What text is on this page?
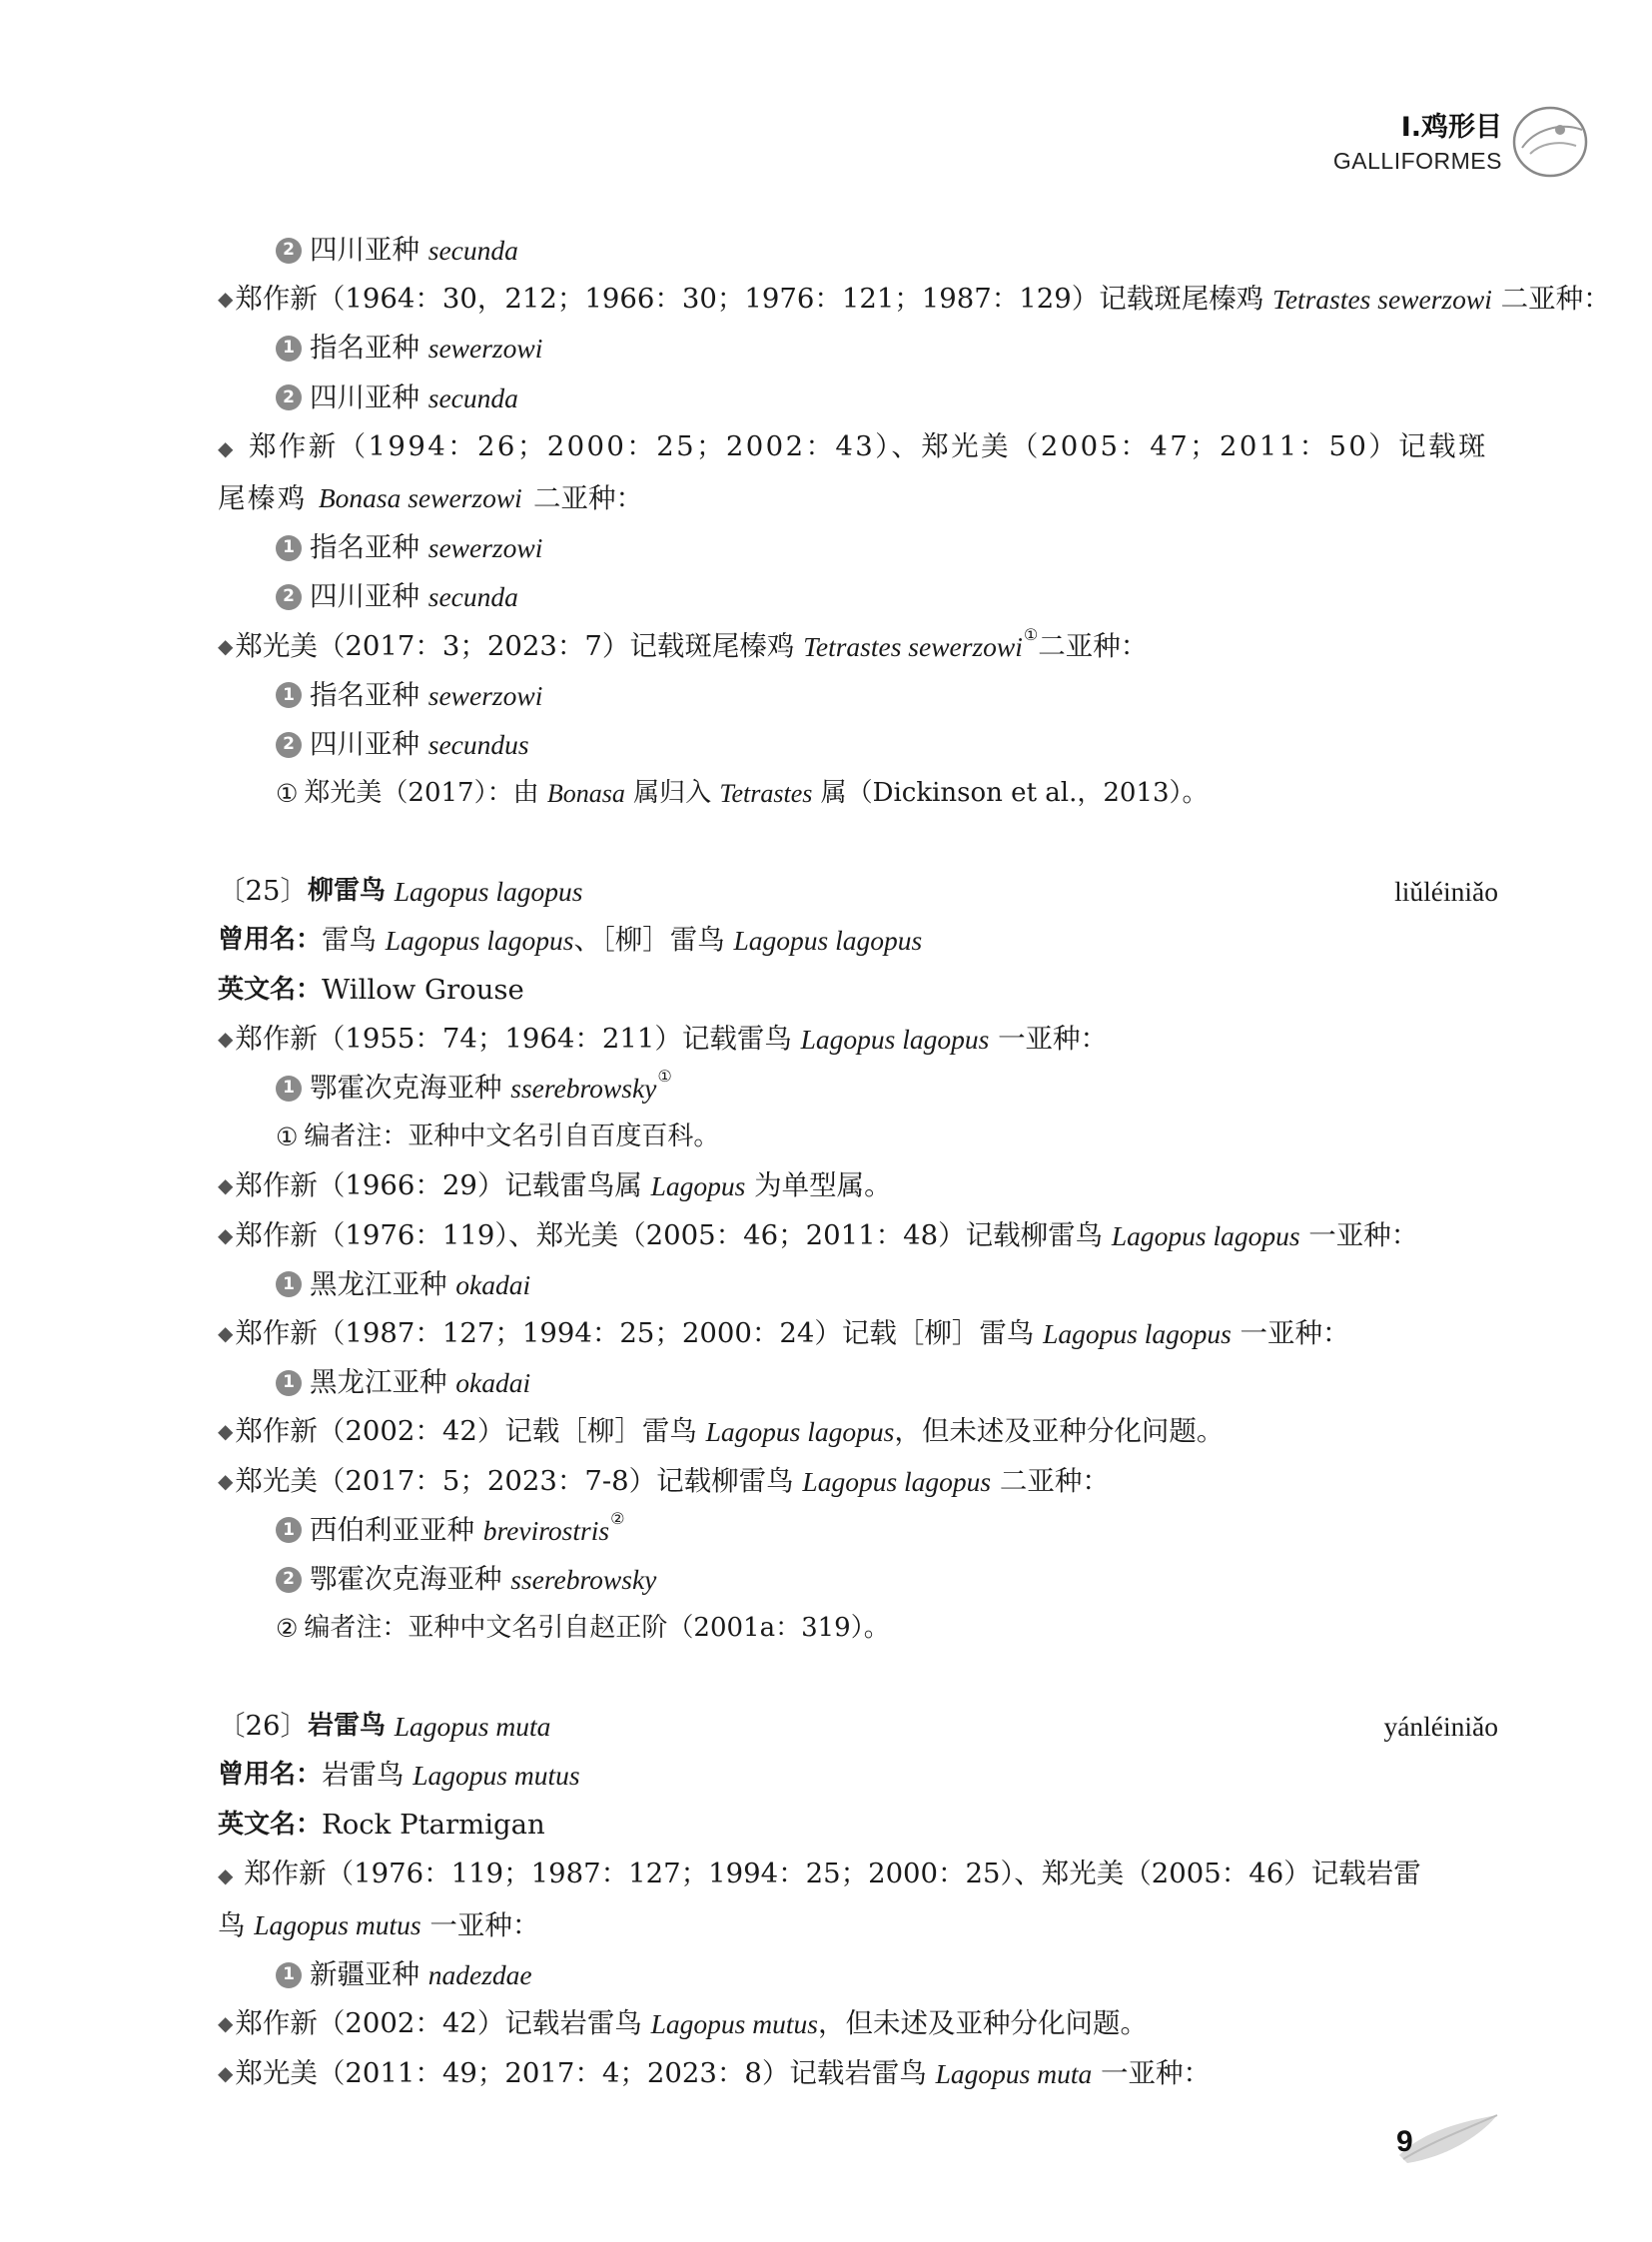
Ⅰ.鸡形目
GALLIFORMES
2 四川亚种
secunda
◆ 郑作新（1964：30，212；1966：30；1976：121；1987：129）记载斑尾榛鸡
Tetrastes sewerzowi
二亚种：
1 指名亚种
sewerzowi
2 四川亚种
secunda
◆ 郑作新（1994：26；2000：25；2002：43）、郑光美（2005：47；2011：50）记载斑尾榛鸡 Bonasa sewerzowi 二亚种：
1 指名亚种
sewerzowi
2 四川亚种
secunda
◆ 郑光美（2017：3；2023：7）记载斑尾榛鸡
Tetrastes sewerzowi ① 二亚种：
1 指名亚种
sewerzowi
2 四川亚种
secundus
① 郑光美（2017）：由
Bonasa
属归入
Tetrastes
属（Dickinson et al.，2013）。
〔25〕 柳雷鸟
Lagopus lagopus	liǔléiniǎo
曾用名： 雷鸟
Lagopus lagopus 、［柳］雷鸟
Lagopus lagopus
英文名： Willow Grouse
◆ 郑作新（1955：74；1964：211）记载雷鸟
Lagopus lagopus
一亚种：
1 鄂霍次克海亚种
sserebrowsky ①
① 编者注：亚种中文名引自百度百科。
◆ 郑作新（1966：29）记载雷鸟属
Lagopus
为单型属。
◆ 郑作新（1976：119）、郑光美（2005：46；2011：48）记载柳雷鸟
Lagopus lagopus
一亚种：
1 黑龙江亚种
okadai
◆ 郑作新（1987：127；1994：25；2000：24）记载［柳］雷鸟
Lagopus lagopus
一亚种：
1 黑龙江亚种
okadai
◆ 郑作新（2002：42）记载［柳］雷鸟
Lagopus lagopus ，但未述及亚种分化问题。
◆ 郑光美（2017：5；2023：7-8）记载柳雷鸟
Lagopus lagopus
二亚种：
1 西伯利亚亚种
brevirostris ②
2 鄂霍次克海亚种
sserebrowsky
② 编者注：亚种中文名引自赵正阶（2001a：319）。
〔26〕 岩雷鸟
Lagopus muta	yánléiniǎo
曾用名： 岩雷鸟
Lagopus mutus
英文名： Rock Ptarmigan
◆ 郑作新（1976：119；1987：127；1994：25；2000：25）、郑光美（2005：46）记载岩雷鸟 Lagopus mutus 一亚种：
1 新疆亚种
nadezdae
◆ 郑作新（2002：42）记载岩雷鸟
Lagopus mutus ，但未述及亚种分化问题。
◆ 郑光美（2011：49；2017：4；2023：8）记载岩雷鸟
Lagopus muta
一亚种：
9
